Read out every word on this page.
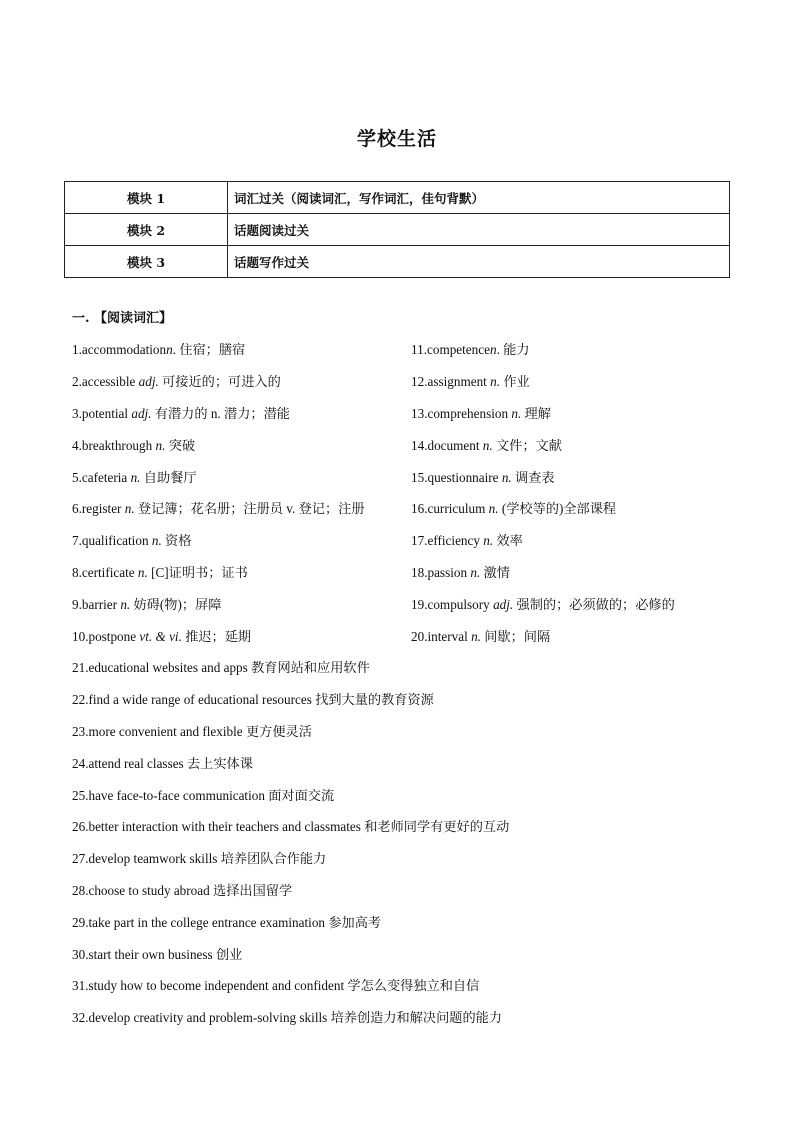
学校生活
模块 1	词汇过关（阅读词汇，写作词汇，佳句背默）
模块 2	话题阅读过关
模块 3	话题写作过关
一. 【阅读词汇】
1.accommodationn. 住宿；膳宿	11.competencen. 能力
2.accessible adj. 可接近的；可进入的	12.assignment n. 作业
3.potential adj. 有潜力的 n. 潜力；潜能	13.comprehension n. 理解
4.breakthrough n. 突破	14.document n. 文件；文献
5.cafeteria n. 自助餐厅	15.questionnaire n. 调查表
6.register n. 登记簿；花名册；注册员 v. 登记；注册	16.curriculum n. (学校等的)全部课程
7.qualification n. 资格	17.efficiency n. 效率
8.certificate n. [C]证明书；证书	18.passion n. 激情
9.barrier n. 妨碍(物)；屏障	19.compulsory adj. 强制的；必须做的；必修的
10.postpone vt. & vi. 推迟；延期	20.interval n. 间歇；间隔
21.educational websites and apps 教育网站和应用软件
22.find a wide range of educational resources 找到大量的教育资源
23.more convenient and flexible 更方便灵活
24.attend real classes 去上实体课
25.have face-to-face communication 面对面交流
26.better interaction with their teachers and classmates 和老师同学有更好的互动
27.develop teamwork skills 培养团队合作能力
28.choose to study abroad 选择出国留学
29.take part in the college entrance examination 参加高考
30.start their own business 创业
31.study how to become independent and confident 学怎么变得独立和自信
32.develop creativity and problem-solving skills 培养创造力和解决问题的能力
